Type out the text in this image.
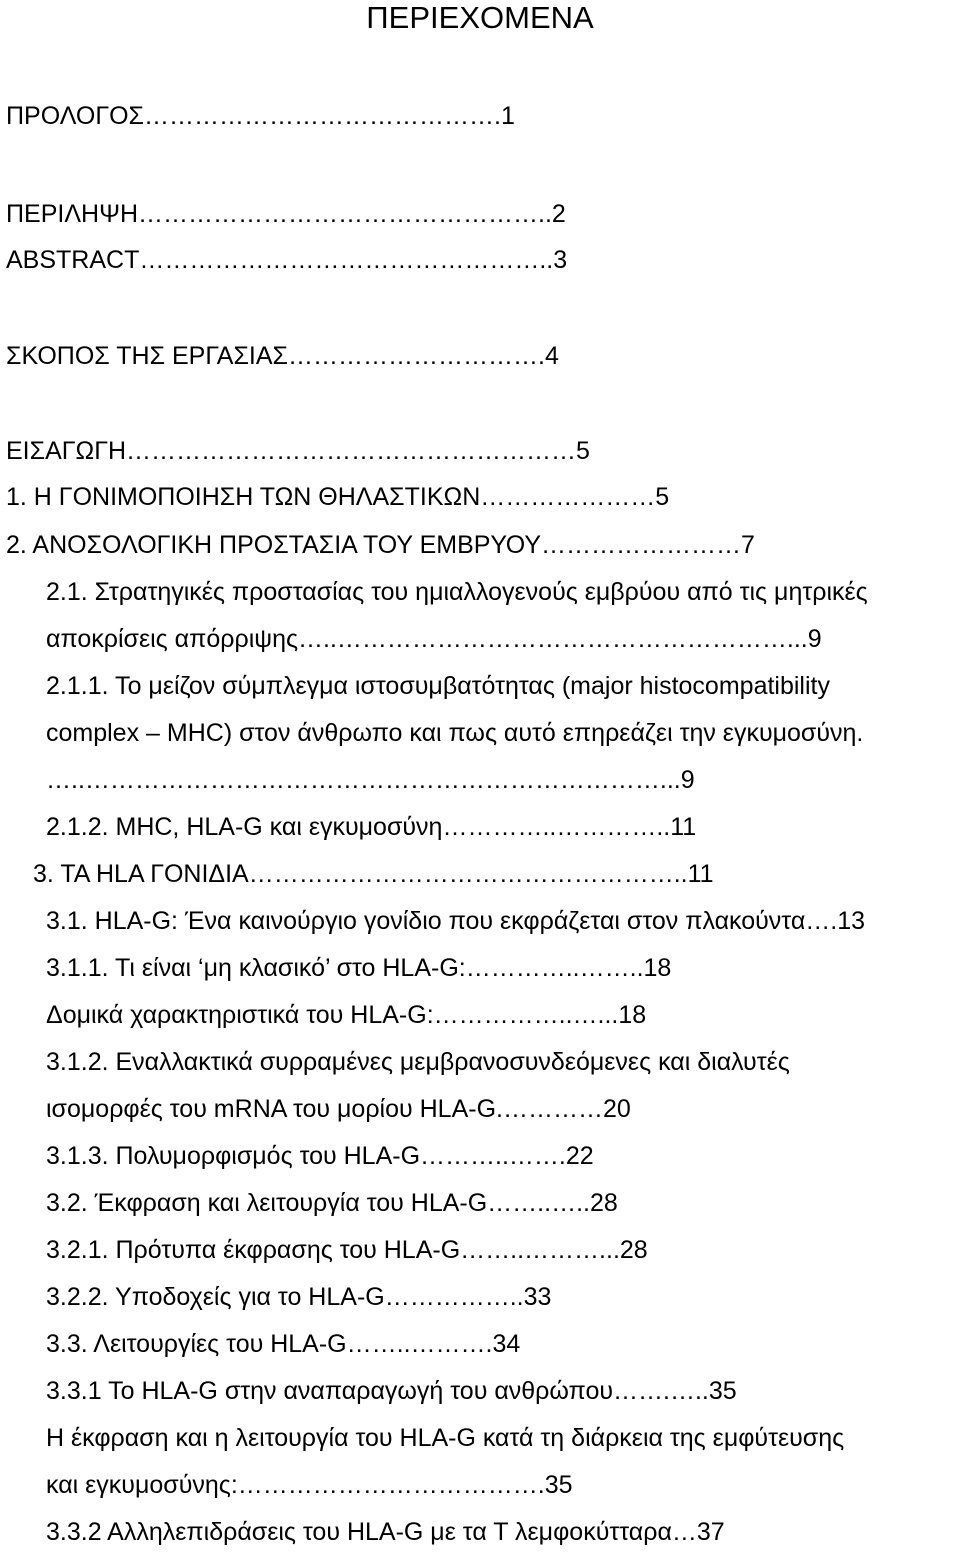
ΠΕΡΙΕΧΟΜΕΝΑ
ΠΡΟΛΟΓΟΣ…………………………………….1
ΠΕΡΙΛΗΨΗ…………………………………………..2
ABSTRACT…………………………………………..3
ΣΚΟΠΟΣ ΤΗΣ ΕΡΓΑΣΙΑΣ………………………….4
ΕΙΣΑΓΩΓΗ………………………………………………5
1. Η ΓΟΝΙΜΟΠΟΙΗΣΗ ΤΩΝ ΘΗΛΑΣΤΙΚΩΝ…………………5
2. ΑΝΟΣΟΛΟΓΙΚΗ ΠΡΟΣΤΑΣΙΑ ΤΟΥ ΕΜΒΡΥΟΥ……………………7
2.1. Στρατηγικές προστασίας του ημιαλλογενούς εμβρύου από τις μητρικές
αποκρίσεις απόρριψης…..………………………………………………...9
2.1.1. Το μείζον σύμπλεγμα ιστοσυμβατότητας (major histocompatibility
complex – MHC) στον άνθρωπο και πως αυτό επηρεάζει την εγκυμοσύνη.
…..……………………………………………………………...9
2.1.2. MHC, HLA-G και εγκυμοσύνη…………..…………..11
3. ΤΑ HLA ΓΟΝΙΔΙΑ……………………………………………..11
3.1. HLA-G: Ένα καινούργιο γονίδιο που εκφράζεται στον πλακούντα….13
3.1.1. Τι είναι ‘μη κλασικό’ στο HLA-G:…………..……..18
Δομικά χαρακτηριστικά του HLA-G:……………..…...18
3.1.2. Εναλλακτικά συρραμένες μεμβρανοσυνδεόμενες και διαλυτές
ισομορφές του mRNA του μορίου HLA-G.…………20
3.1.3. Πολυμορφισμός του HLA-G………..…….22
3.2. Έκφραση και λειτουργία του HLA-G……..…..28
3.2.1. Πρότυπα έκφρασης του HLA-G……..………...28
3.2.2. Υποδοχείς για το HLA-G……………..33
3.3. Λειτουργίες του HLA-G……..……….34
3.3.1 Το HLA-G στην αναπαραγωγή του ανθρώπου…….…..35
Η έκφραση και η λειτουργία του HLA-G κατά τη διάρκεια της εμφύτευσης
και εγκυμοσύνης:……………………………….35
3.3.2 Αλληλεπιδράσεις του HLA-G με τα Τ λεμφοκύτταρα…37
